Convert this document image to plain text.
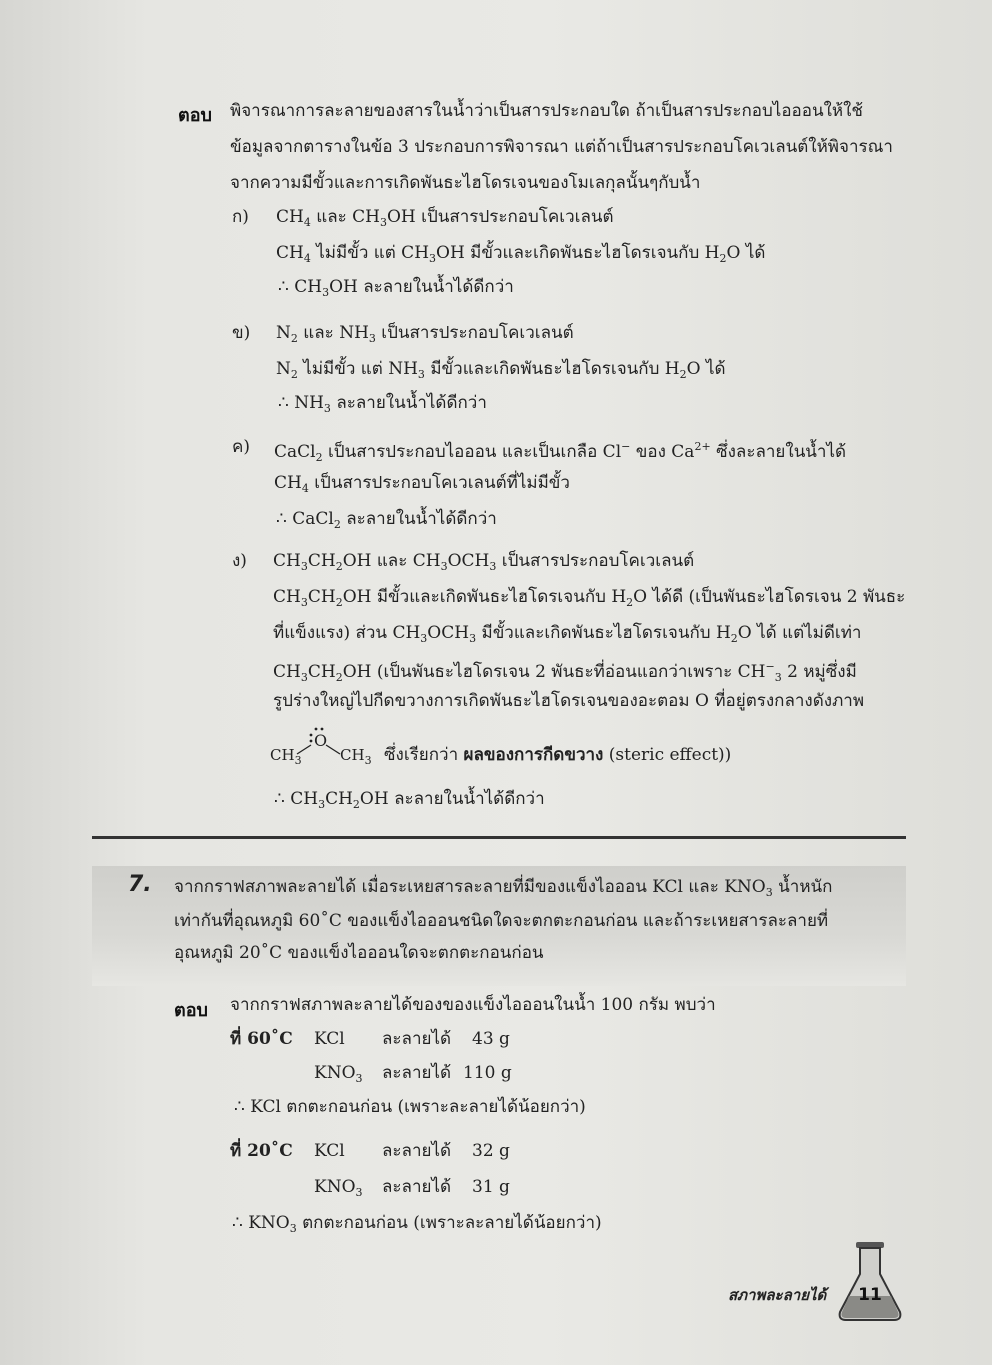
ตอบ พิจารณาการละลายของสารในน้ำว่าเป็นสารประกอบใด ถ้าเป็นสารประกอบไอออนให้ใช้
ข้อมูลจากตารางในข้อ 3 ประกอบการพิจารณา แต่ถ้าเป็นสารประกอบโคเวเลนต์ให้พิจารณา
จากความมีขั้วและการเกิดพันธะไฮโดรเจนของโมเลกุลนั้นๆกับน้ำ
ก) $CH_4$ และ $CH_3OH$ เป็นสารประกอบโคเวเลนต์
$CH_4$ ไม่มีขั้ว แต่ $CH_3OH$ มีขั้วและเกิดพันธะไฮโดรเจนกับ $H_2O$ ได้
∴ $CH_3OH$ ละลายในน้ำได้ดีกว่า
ข) $N_2$ และ $NH_3$ เป็นสารประกอบโคเวเลนต์
$N_2$ ไม่มีขั้ว แต่ $NH_3$ มีขั้วและเกิดพันธะไฮโดรเจนกับ $H_2O$ ได้
∴ $NH_3$ ละลายในน้ำได้ดีกว่า
ค) CaCl$_2$ เป็นสารประกอบไอออน และเป็นเกลือ Cl− ของ $Ca^{2+}$ ซึ่งละลายในน้ำได้
$CH_4$ เป็นสารประกอบโคเวเลนต์ที่ไม่มีขั้ว
∴ CaCl$_2$ ละลายในน้ำได้ดีกว่า
ง) $CH_3CH_2OH$ และ $CH_3OCH_3$ เป็นสารประกอบโคเวเลนต์
$CH_3CH_2OH$ มีขั้วและเกิดพันธะไฮโดรเจนกับ $H_2O$ ได้ดี (เป็นพันธะไฮโดรเจน 2 พันธะ
ที่แข็งแรง) ส่วน $CH_3OCH_3$ มีขั้วและเกิดพันธะไฮโดรเจนกับ $H_2O$ ได้ แต่ไม่ดีเท่า
$CH_3CH_2OH$ (เป็นพันธะไฮโดรเจน 2 พันธะที่อ่อนแอกว่าเพราะ $CH^-_3$ 2 หมู่ซึ่งมี
รูปร่างใหญ่ไปกีดขวางการเกิดพันธะไฮโดรเจนของอะตอม O ที่อยู่ตรงกลางดังภาพ
O
$CH_3$	$CH_3$ ซึ่งเรียกว่า ผลของการกีดขวาง (steric effect))
∴ $CH_3CH_2OH$ ละลายในน้ำได้ดีกว่า
7. จากกราฟสภาพละลายได้ เมื่อระเหยสารละลายที่มีของแข็งไอออน KCl และ $KNO_3$ น้ำหนัก
เท่ากันที่อุณหภูมิ 60˚C ของแข็งไอออนชนิดใดจะตกตะกอนก่อน และถ้าระเหยสารละลายที่
อุณหภูมิ 20˚C ของแข็งไอออนใดจะตกตะกอนก่อน
ตอบ จากกราฟสภาพละลายได้ของของแข็งไอออนในน้ำ 100 กรัม พบว่า
ที่ 60˚C KCl ละลายได้ 43 g
$KNO_3$ ละลายได้ 110 g
∴ KCl ตกตะกอนก่อน (เพราะละลายได้น้อยกว่า)
ที่ 20˚C KCl ละลายได้ 32 g
$KNO_3$ ละลายได้ 31 g
∴ $KNO_3$ ตกตะกอนก่อน (เพราะละลายได้น้อยกว่า)
สภาพละลายได้	11
